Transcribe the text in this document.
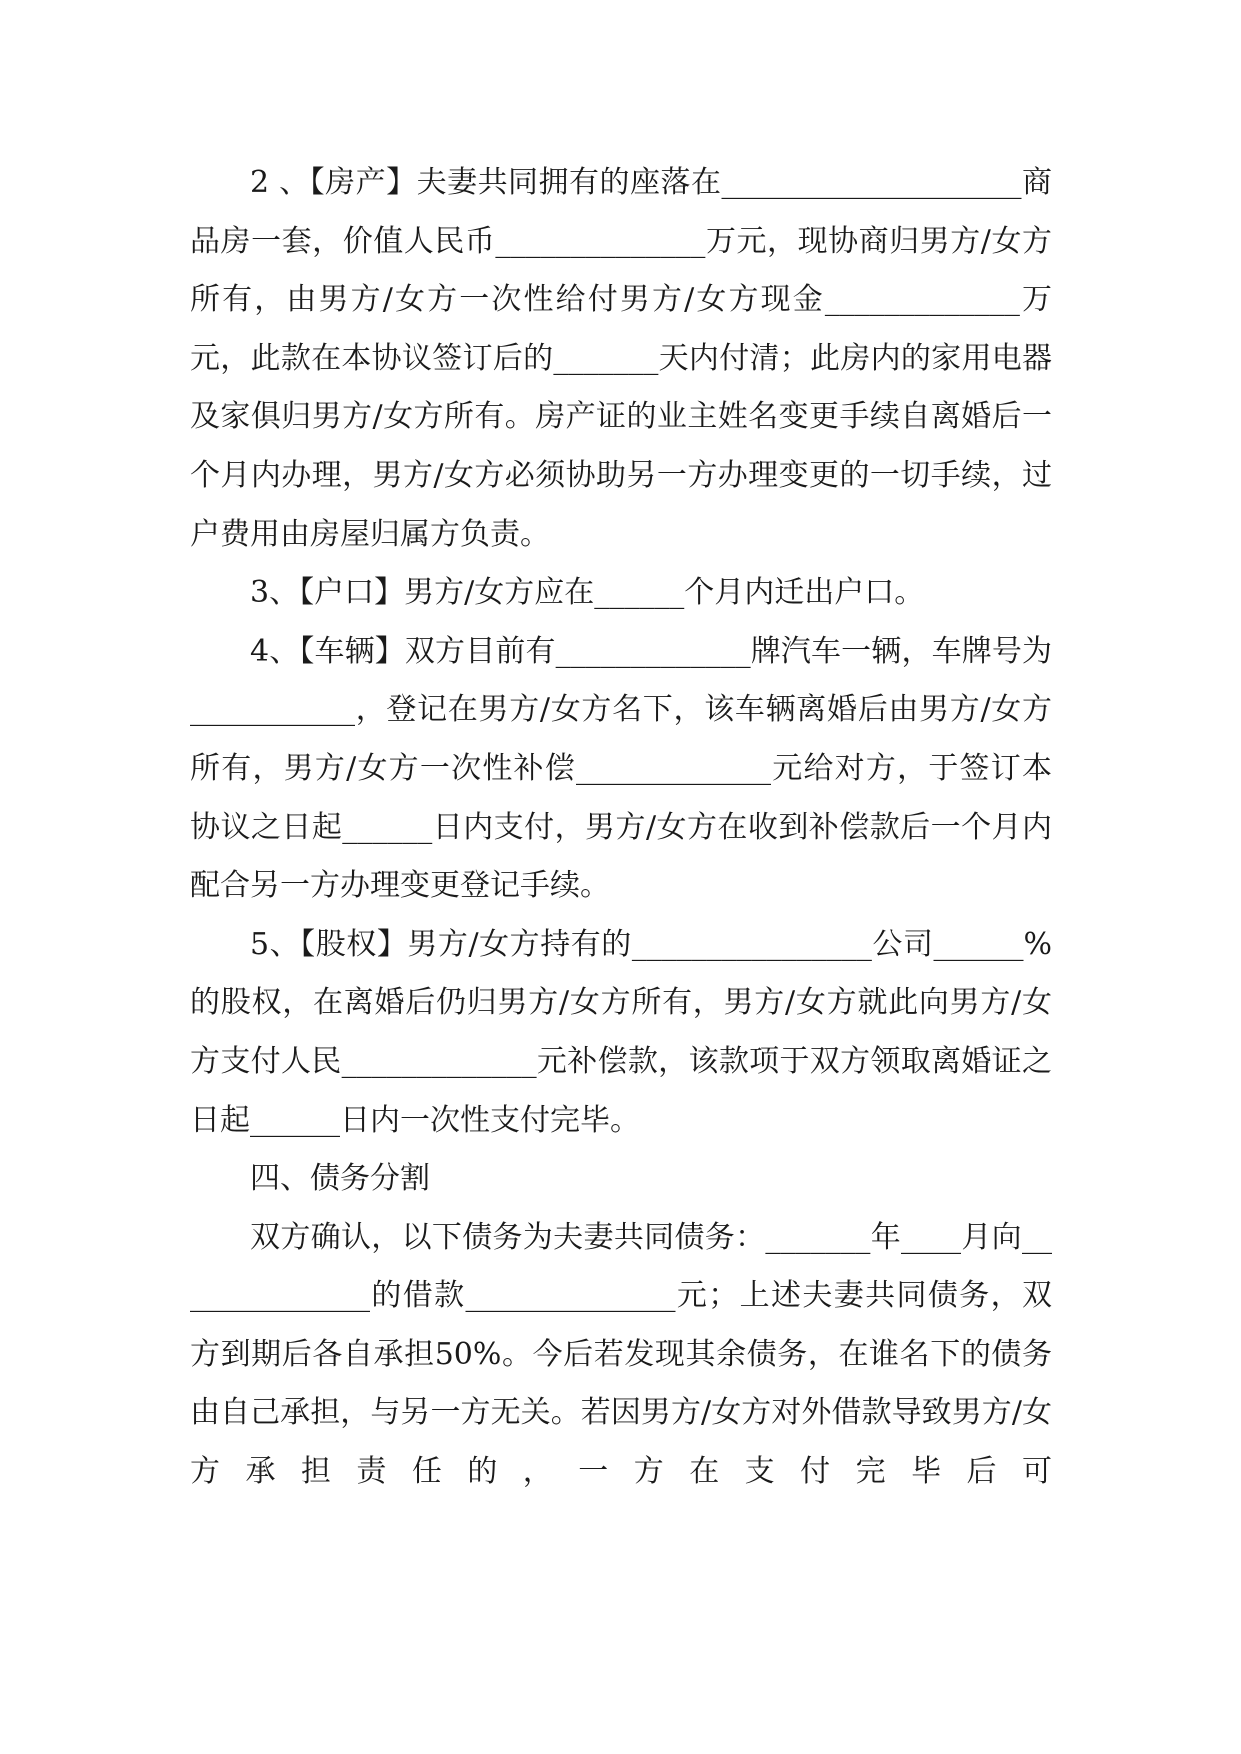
2 、【房产】夫妻共同拥有的座落在____________________商品房一套，价值人民币______________万元，现协商归男方/女方所有，由男方/女方一次性给付男方/女方现金_____________万元，此款在本协议签订后的_______天内付清；此房内的家用电器及家俱归男方/女方所有。房产证的业主姓名变更手续自离婚后一个月内办理，男方/女方必须协助另一方办理变更的一切手续，过户费用由房屋归属方负责。

3、【户口】男方/女方应在______个月内迁出户口。

4、【车辆】双方目前有_____________牌汽车一辆，车牌号为___________，登记在男方/女方名下，该车辆离婚后由男方/女方所有，男方/女方一次性补偿_____________元给对方，于签订本协议之日起______日内支付，男方/女方在收到补偿款后一个月内配合另一方办理变更登记手续。

5、【股权】男方/女方持有的________________公司______%的股权，在离婚后仍归男方/女方所有，男方/女方就此向男方/女方支付人民_____________元补偿款，该款项于双方领取离婚证之日起______日内一次性支付完毕。

四、债务分割

双方确认，以下债务为夫妻共同债务：_______年____月向______________的借款______________元；上述夫妻共同债务，双方到期后各自承担50%。今后若发现其余债务，在谁名下的债务由自己承担，与另一方无关。若因男方/女方对外借款导致男方/女方承担责任的，一方在支付完毕后可
